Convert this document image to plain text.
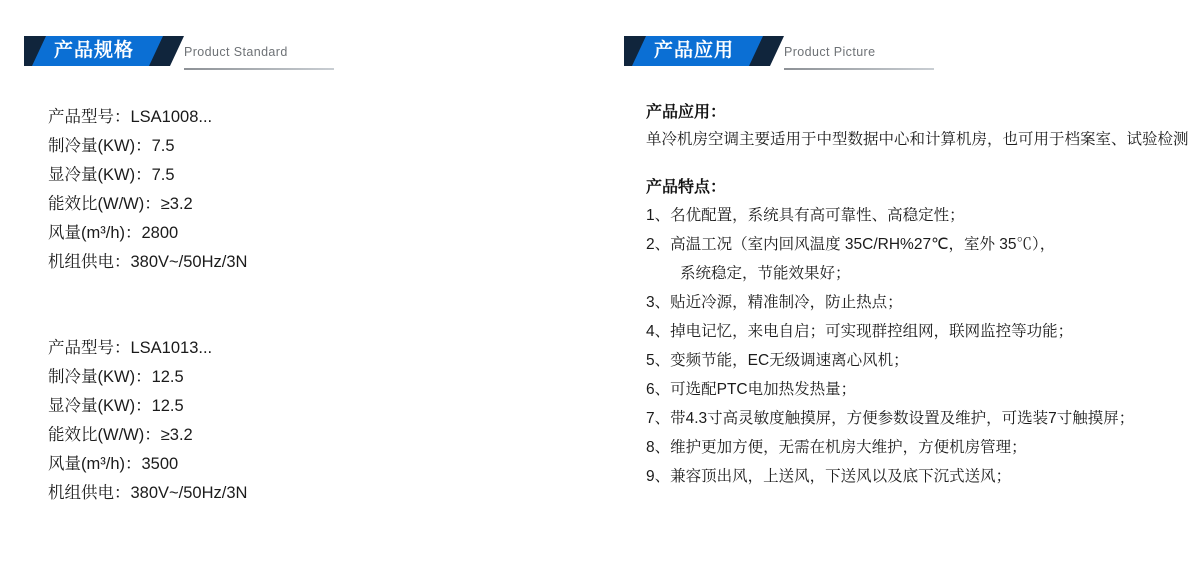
产品规格	Product Standard
产品型号：LSA1008...
制冷量(KW)：7.5
显冷量(KW)：7.5
能效比(W/W)：≥3.2
风量(m³/h)：2800
机组供电：380V~/50Hz/3N
产品型号：LSA1013...
制冷量(KW)：12.5
显冷量(KW)：12.5
能效比(W/W)：≥3.2
风量(m³/h)：3500
机组供电：380V~/50Hz/3N
产品应用	Product Picture
产品应用：
单冷机房空调主要适用于中型数据中心和计算机房，也可用于档案室、试验检测
产品特点：
1、名优配置，系统具有高可靠性、高稳定性；
2、高温工况（室内回风温度 35C/RH%27℃，室外 35℃），
系统稳定，节能效果好；
3、贴近冷源，精准制冷，防止热点；
4、掉电记忆，来电自启；可实现群控组网，联网监控等功能；
5、变频节能，EC无级调速离心风机；
6、可选配PTC电加热发热量；
7、带4.3寸高灵敏度触摸屏，方便参数设置及维护，可选装7寸触摸屏；
8、维护更加方便，无需在机房大维护，方便机房管理；
9、兼容顶出风，上送风，下送风以及底下沉式送风；
